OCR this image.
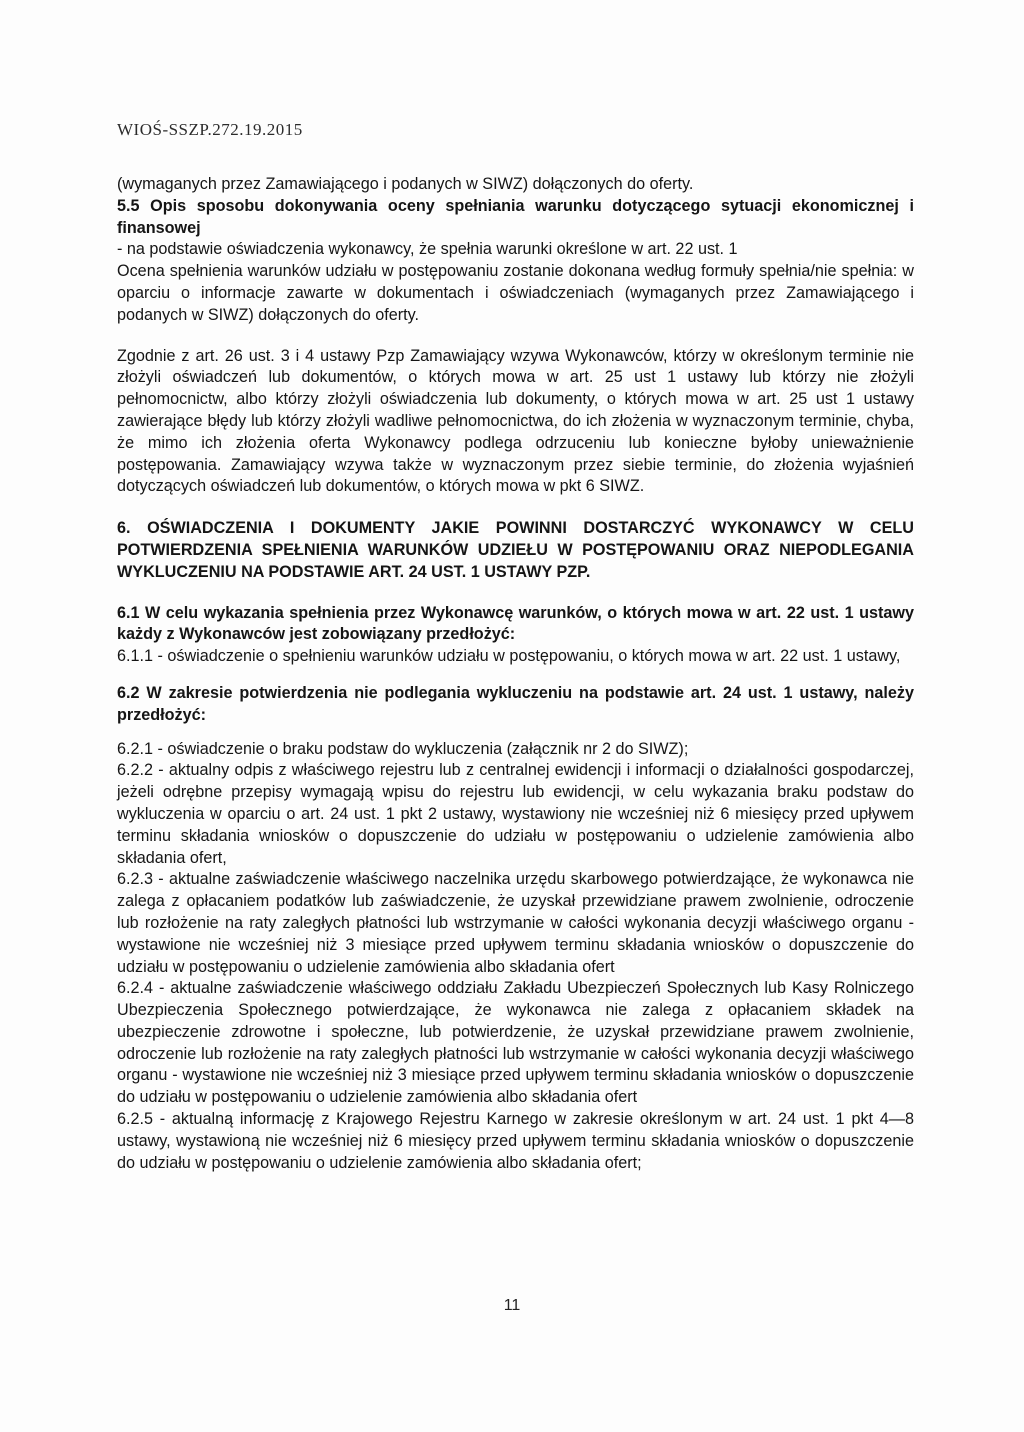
WIOŚ-SSZP.272.19.2015

(wymaganych przez Zamawiającego i podanych w SIWZ) dołączonych do oferty.

5.5 Opis sposobu dokonywania oceny spełniania warunku dotyczącego sytuacji ekonomicznej i finansowej

- na podstawie oświadczenia wykonawcy, że spełnia warunki określone w art. 22 ust. 1

Ocena spełnienia warunków udziału w postępowaniu zostanie dokonana według formuły spełnia/nie spełnia: w oparciu o informacje zawarte w dokumentach i oświadczeniach (wymaganych przez Zamawiającego i podanych w SIWZ) dołączonych do oferty.

Zgodnie z art. 26 ust. 3 i 4 ustawy Pzp Zamawiający wzywa Wykonawców, którzy w określonym terminie nie złożyli oświadczeń lub dokumentów, o których mowa w art. 25 ust 1 ustawy lub którzy nie złożyli pełnomocnictw, albo którzy złożyli oświadczenia lub dokumenty, o których mowa w art. 25 ust 1 ustawy zawierające błędy lub którzy złożyli wadliwe pełnomocnictwa, do ich złożenia w wyznaczonym terminie, chyba, że mimo ich złożenia oferta Wykonawcy podlega odrzuceniu lub konieczne byłoby unieważnienie postępowania. Zamawiający wzywa także w wyznaczonym przez siebie terminie, do złożenia wyjaśnień dotyczących oświadczeń lub dokumentów, o których mowa w pkt 6 SIWZ.

6. OŚWIADCZENIA I DOKUMENTY JAKIE POWINNI DOSTARCZYĆ WYKONAWCY W CELU POTWIERDZENIA SPEŁNIENIA WARUNKÓW UDZIEŁU W POSTĘPOWANIU ORAZ NIEPODLEGANIA WYKLUCZENIU NA PODSTAWIE ART. 24 UST. 1 USTAWY PZP.

6.1 W celu wykazania spełnienia przez Wykonawcę warunków, o których mowa w art. 22 ust. 1 ustawy każdy z Wykonawców jest zobowiązany przedłożyć:

6.1.1 - oświadczenie o spełnieniu warunków udziału w postępowaniu, o których mowa w art. 22 ust. 1 ustawy,

6.2 W zakresie potwierdzenia nie podlegania wykluczeniu na podstawie art. 24 ust. 1 ustawy, należy przedłożyć:

6.2.1 - oświadczenie o braku podstaw do wykluczenia (załącznik nr 2 do SIWZ);

6.2.2 - aktualny odpis z właściwego rejestru lub z centralnej ewidencji i informacji o działalności gospodarczej, jeżeli odrębne przepisy wymagają wpisu do rejestru lub ewidencji, w celu wykazania braku podstaw do wykluczenia w oparciu o art. 24 ust. 1 pkt 2 ustawy, wystawiony nie wcześniej niż 6 miesięcy przed upływem terminu składania wniosków o dopuszczenie do udziału w postępowaniu o udzielenie zamówienia albo składania ofert,

6.2.3 - aktualne zaświadczenie właściwego naczelnika urzędu skarbowego potwierdzające, że wykonawca nie zalega z opłacaniem podatków lub zaświadczenie, że uzyskał przewidziane prawem zwolnienie, odroczenie lub rozłożenie na raty zaległych płatności lub wstrzymanie w całości wykonania decyzji właściwego organu - wystawione nie wcześniej niż 3 miesiące przed upływem terminu składania wniosków o dopuszczenie do udziału w postępowaniu o udzielenie zamówienia albo składania ofert

6.2.4 - aktualne zaświadczenie właściwego oddziału Zakładu Ubezpieczeń Społecznych lub Kasy Rolniczego Ubezpieczenia Społecznego potwierdzające, że wykonawca nie zalega z opłacaniem składek na ubezpieczenie zdrowotne i społeczne, lub potwierdzenie, że uzyskał przewidziane prawem zwolnienie, odroczenie lub rozłożenie na raty zaległych płatności lub wstrzymanie w całości wykonania decyzji właściwego organu - wystawione nie wcześniej niż 3 miesiące przed upływem terminu składania wniosków o dopuszczenie do udziału w postępowaniu o udzielenie zamówienia albo składania ofert

6.2.5 - aktualną informację z Krajowego Rejestru Karnego w zakresie określonym w art. 24 ust. 1 pkt 4—8 ustawy, wystawioną nie wcześniej niż 6 miesięcy przed upływem terminu składania wniosków o dopuszczenie do udziału w postępowaniu o udzielenie zamówienia albo składania ofert;

11
